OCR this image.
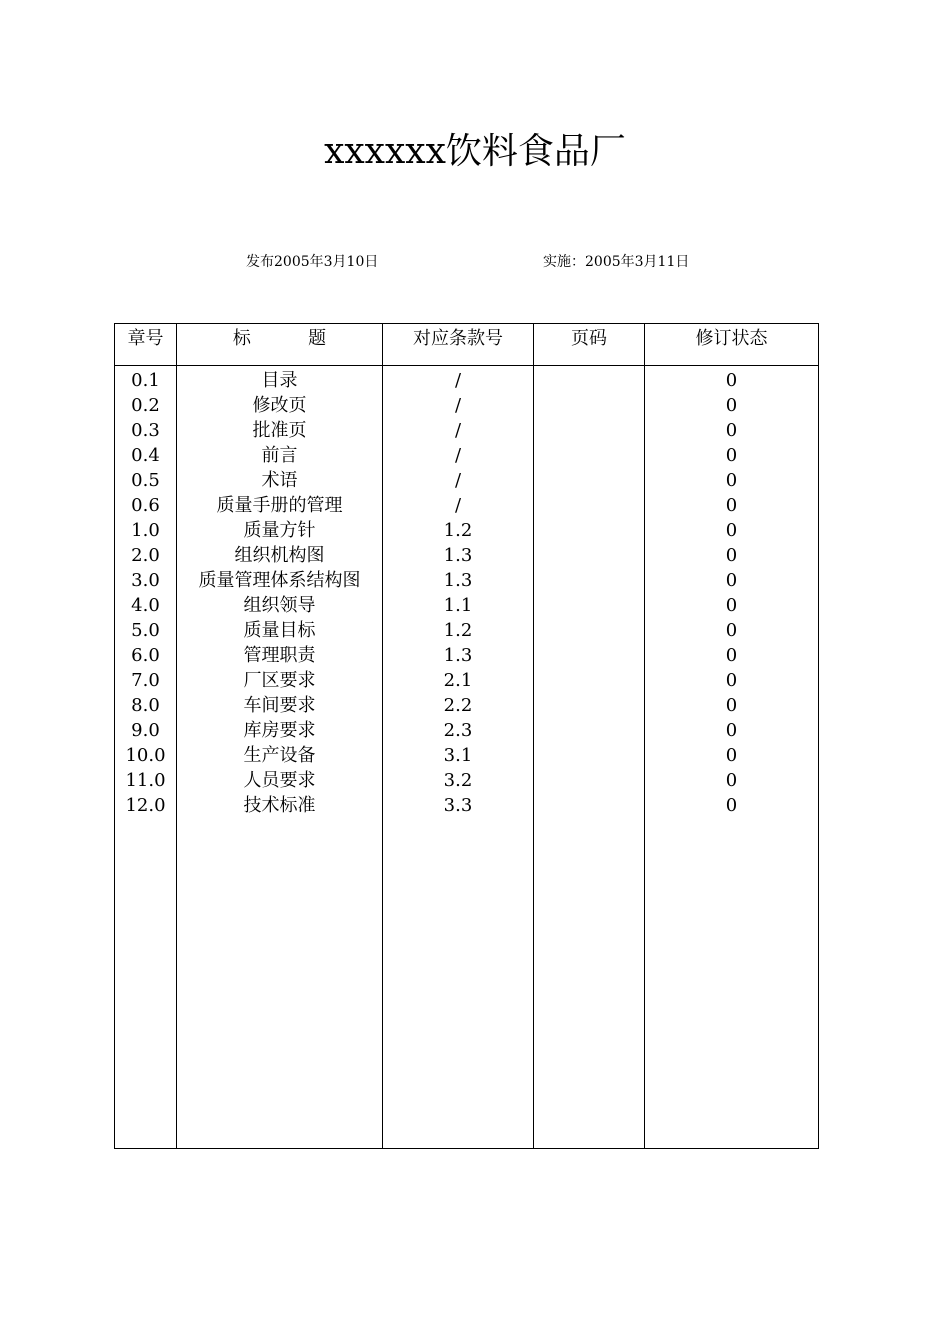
xxxxxx饮料食品厂
发布2005年3月10日	实施：2005年3月11日
章号	标          题	对应条款号	页码	修订状态
0.1	目录	/		0
0.2	修改页	/		0
0.3	批准页	/		0
0.4	前言	/		0
0.5	术语	/		0
0.6	质量手册的管理	/		0
1.0	质量方针	1.2		0
2.0	组织机构图	1.3		0
3.0	质量管理体系结构图	1.3		0
4.0	组织领导	1.1		0
5.0	质量目标	1.2		0
6.0	管理职责	1.3		0
7.0	厂区要求	2.1		0
8.0	车间要求	2.2		0
9.0	库房要求	2.3		0
10.0	生产设备	3.1		0
11.0	人员要求	3.2		0
12.0	技术标准	3.3		0
